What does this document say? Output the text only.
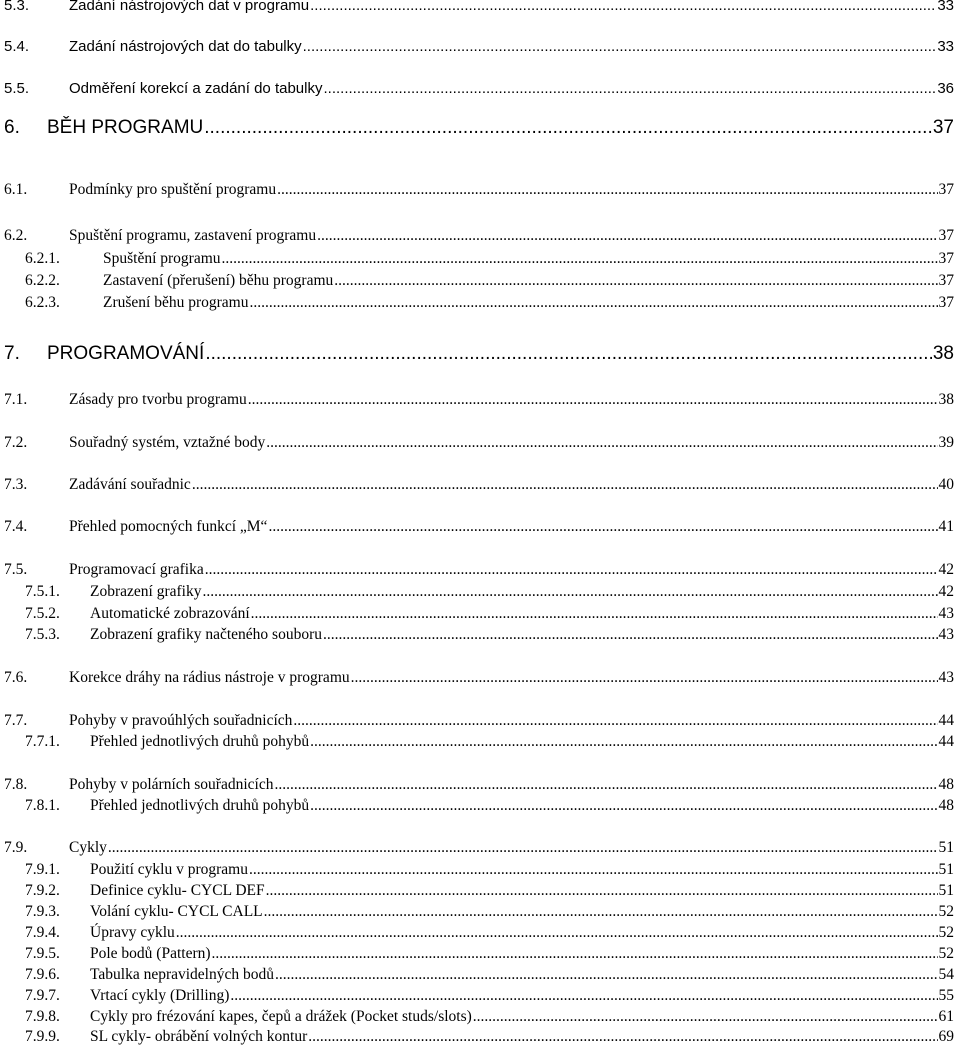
5.3.	Zadání nástrojových dat v programu .....	33
5.4.	Zadání nástrojových dat do tabulky .....	33
5.5.	Odměření korekcí a zadání do tabulky .....	36
6.	BĚH PROGRAMU .....	37
6.1.	Podmínky pro spuštění programu .....	37
6.2.	Spuštění programu, zastavení programu .....	37
6.2.1.	Spuštění programu .....	37
6.2.2.	Zastavení (přerušení) běhu programu .....	37
6.2.3.	Zrušení běhu programu .....	37
7.	PROGRAMOVÁNÍ .....	38
7.1.	Zásady pro tvorbu programu .....	38
7.2.	Souřadný systém, vztažné body .....	39
7.3.	Zadávání souřadnic .....	40
7.4.	Přehled pomocných funkcí „M“ .....	41
7.5.	Programovací grafika .....	42
7.5.1.	Zobrazení grafiky .....	42
7.5.2.	Automatické zobrazování .....	43
7.5.3.	Zobrazení grafiky načteného souboru .....	43
7.6.	Korekce dráhy na rádius nástroje v programu .....	43
7.7.	Pohyby v pravoúhlých souřadnicích .....	44
7.7.1.	Přehled jednotlivých druhů pohybů .....	44
7.8.	Pohyby v polárních souřadnicích .....	48
7.8.1.	Přehled jednotlivých druhů pohybů .....	48
7.9.	Cykly .....	51
7.9.1.	Použití cyklu v programu .....	51
7.9.2.	Definice cyklu- CYCL DEF .....	51
7.9.3.	Volání cyklu- CYCL CALL .....	52
7.9.4.	Úpravy cyklu .....	52
7.9.5.	Pole bodů (Pattern) .....	52
7.9.6.	Tabulka nepravidelných bodů .....	54
7.9.7.	Vrtací cykly (Drilling) .....	55
7.9.8.	Cykly pro frézování kapes, čepů a drážek (Pocket studs/slots) .....	61
7.9.9.	SL cykly- obrábění volných kontur .....	69
